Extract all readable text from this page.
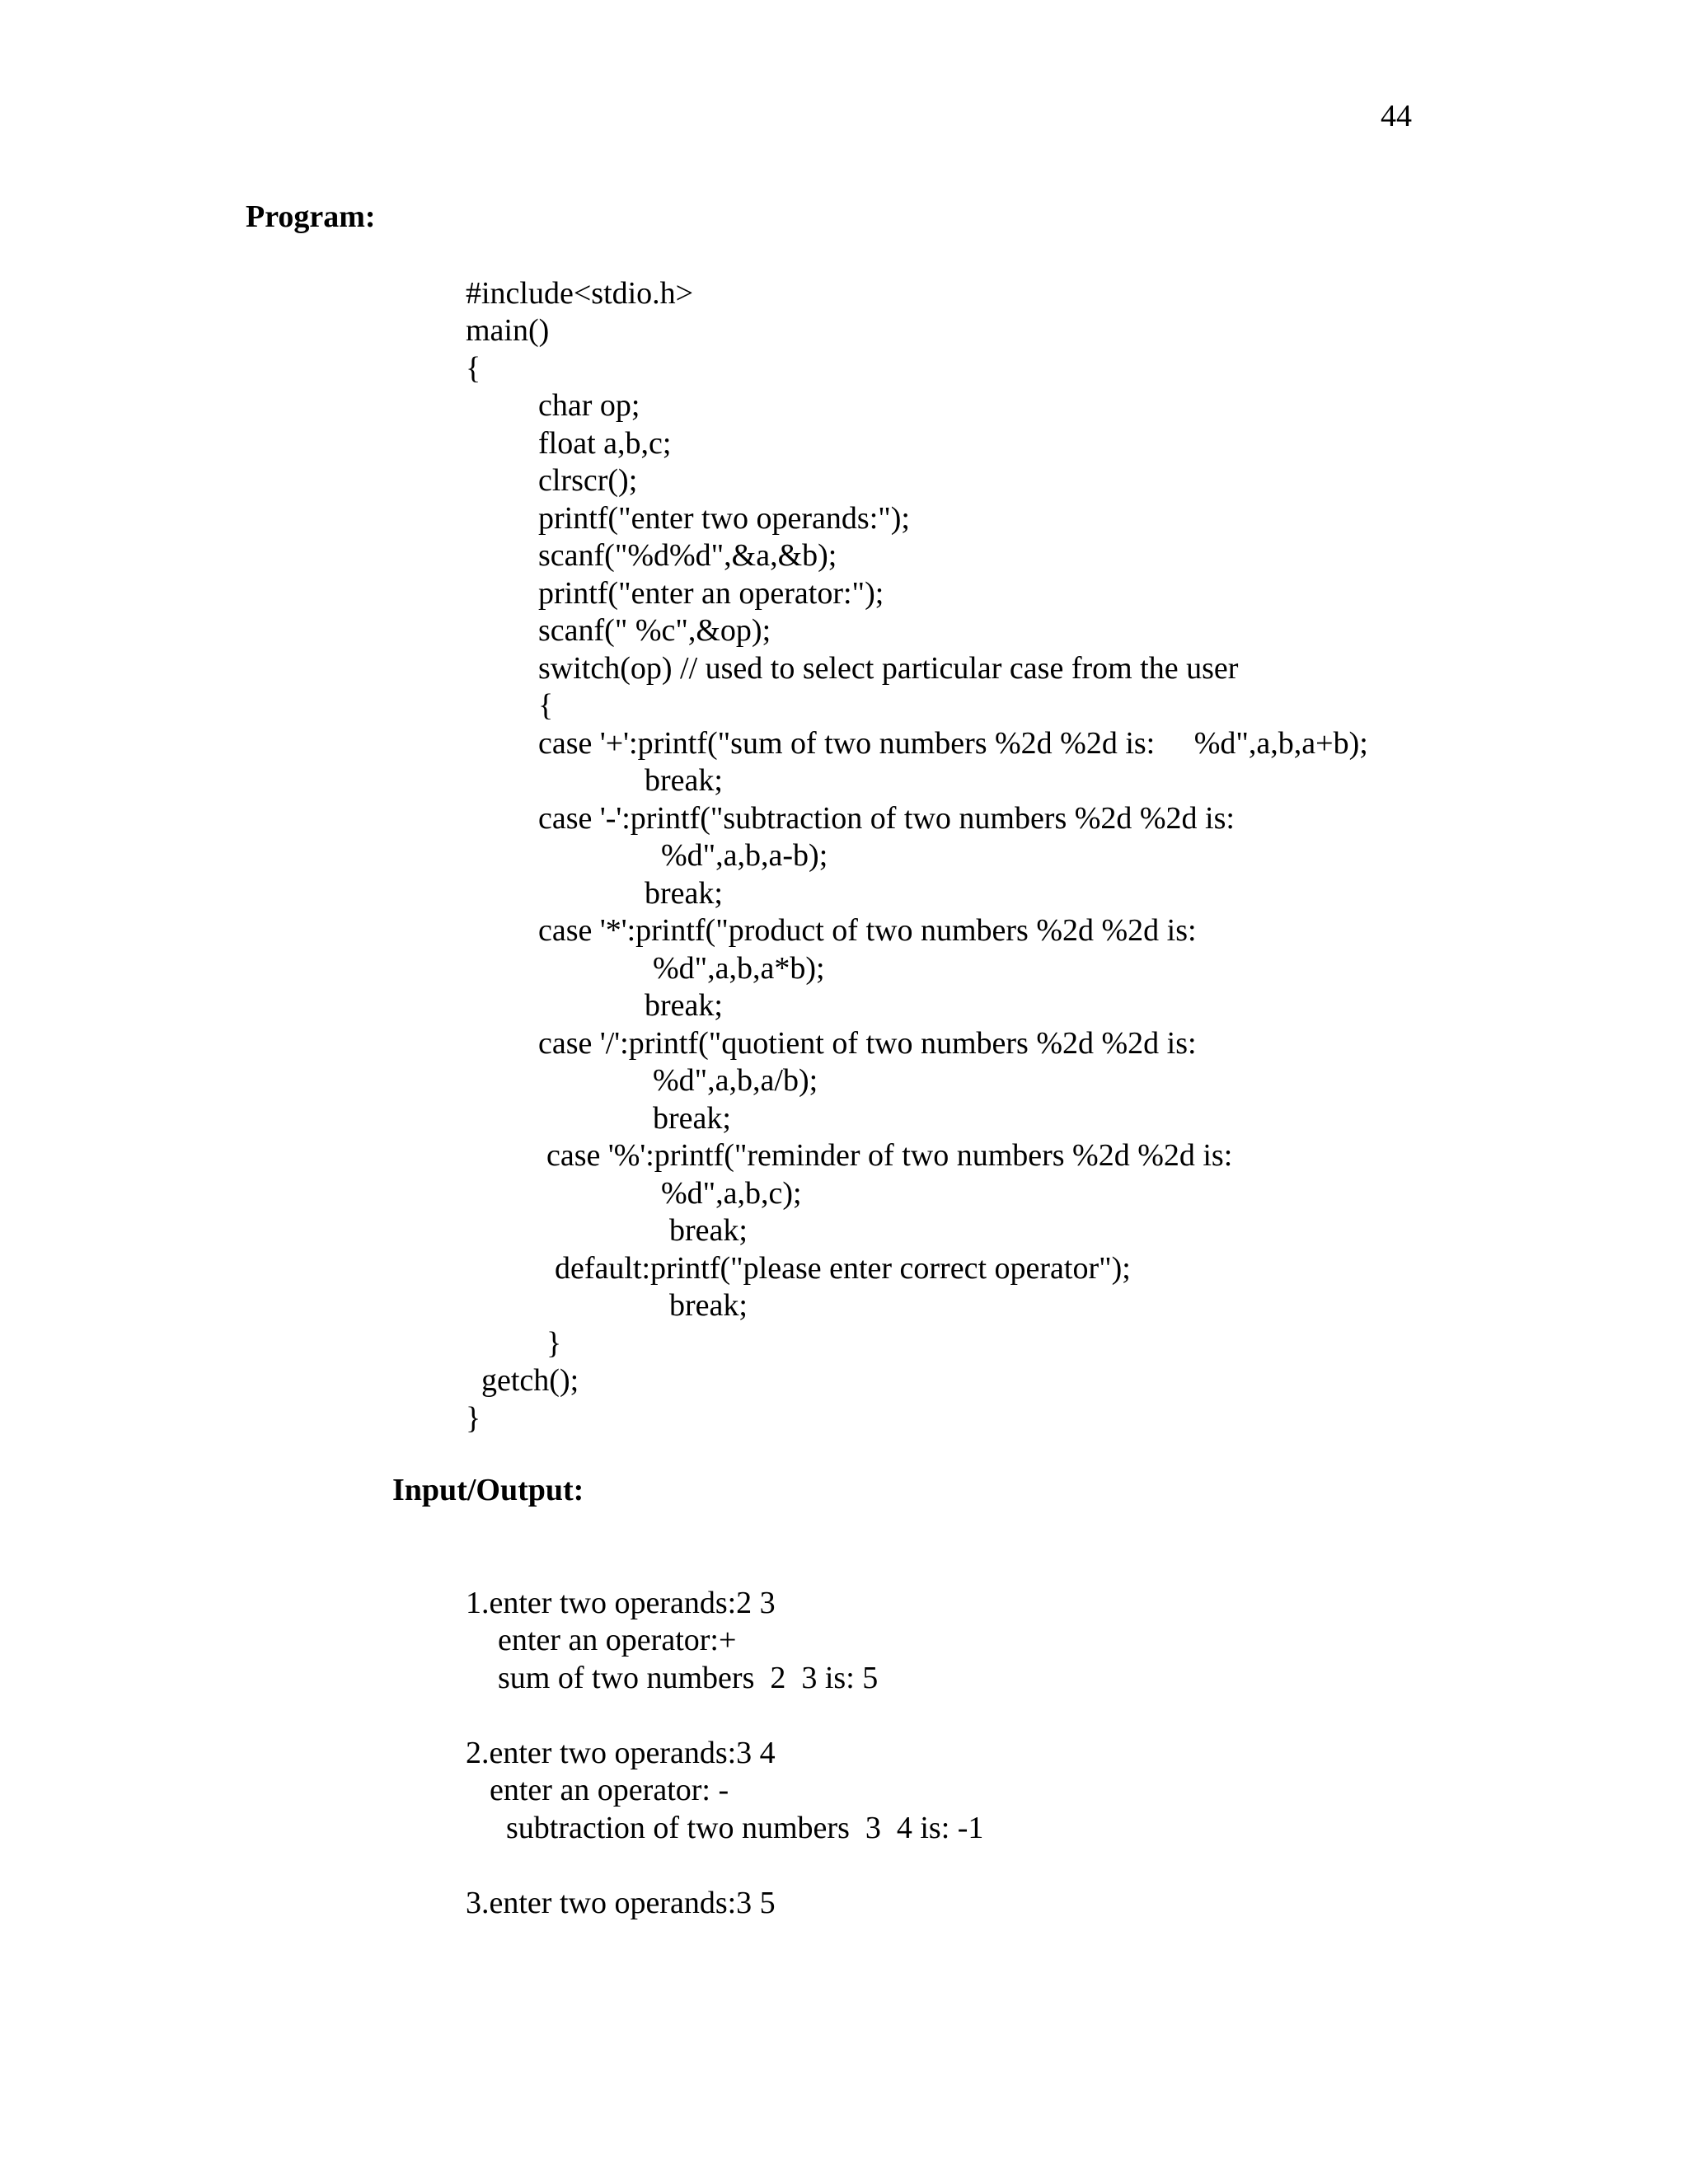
44
Program:
#include<stdio.h>
main()
{
char op;
float a,b,c;
clrscr();
printf("enter two operands:");
scanf("%d%d",&a,&b);
printf("enter an operator:");
scanf(" %c",&op);
switch(op) // used to select particular case from the user
{
case '+':printf("sum of two numbers %2d %2d is:     %d",a,b,a+b);
break;
case '-':printf("subtraction of two numbers %2d %2d is:
%d",a,b,a-b);
break;
case '*':printf("product of two numbers %2d %2d is:
%d",a,b,a*b);
break;
case '/':printf("quotient of two numbers %2d %2d is:
%d",a,b,a/b);
break;
case '%':printf("reminder of two numbers %2d %2d is:
%d",a,b,c);
break;
default:printf("please enter correct operator");
break;
}
getch();
}
Input/Output:
1.enter two operands:2 3
enter an operator:+
sum of two numbers  2  3 is: 5
2.enter two operands:3 4
enter an operator: -
subtraction of two numbers  3  4 is: -1
3.enter two operands:3 5
